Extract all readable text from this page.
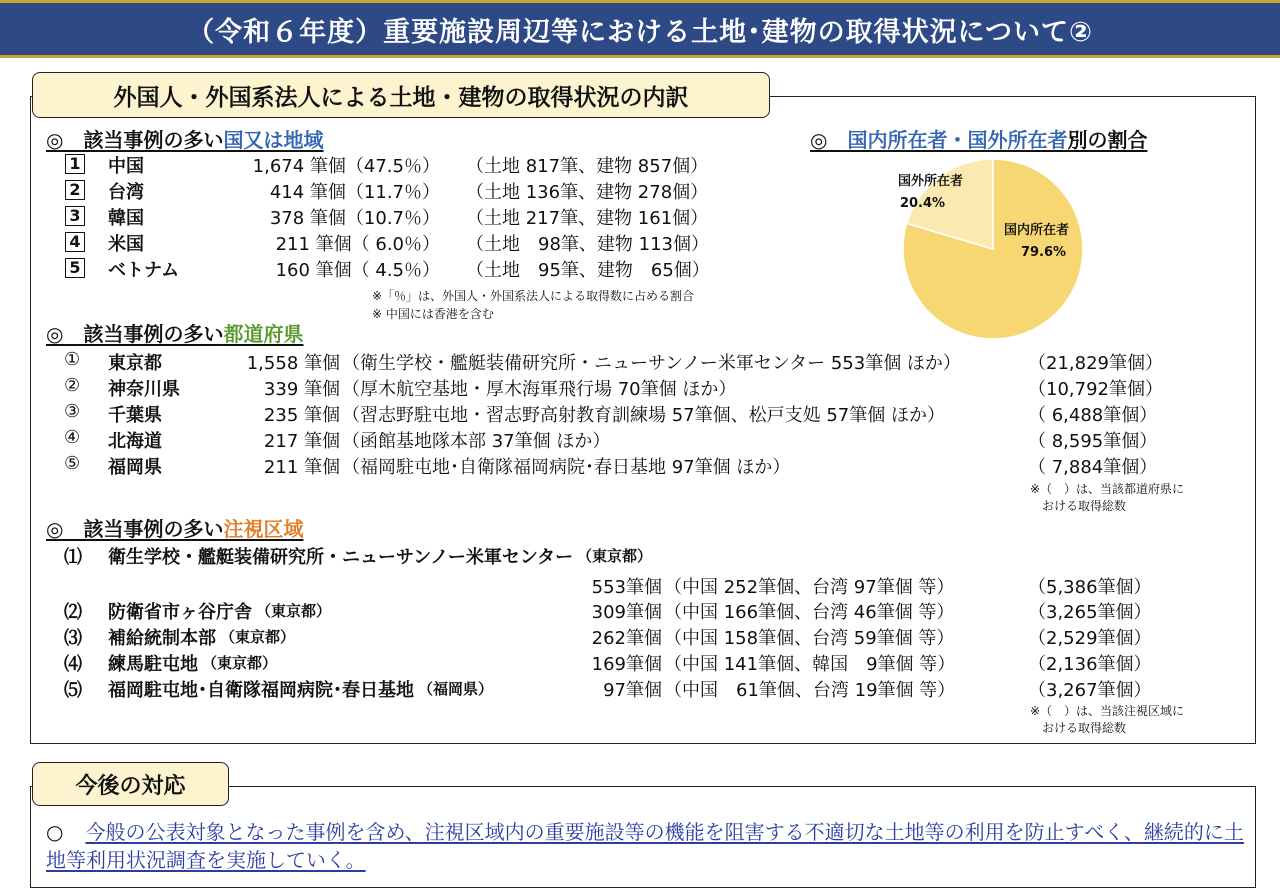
（令和６年度）重要施設周辺等における土地･建物の取得状況について②
外国人・外国系法人による土地・建物の取得状況の内訳
◎　該当事例の多い国又は地域
1 中国	1,674 筆個（47.5％） （土地 817筆、建物 857個）
2 台湾	414 筆個（11.7％） （土地 136筆、建物 278個）
3 韓国	378 筆個（10.7％） （土地 217筆、建物 161個）
4 米国	211 筆個（ 6.0％） （土地　98筆、建物 113個）
5 ベトナム	160 筆個（ 4.5％） （土地　95筆、建物　65個）
※「％」は、外国人・外国系法人による取得数に占める割合
※ 中国には香港を含む
◎　国内所在者・国外所在者別の割合
国内所在者
79.6%
国外所在者
20.4%
◎　該当事例の多い都道府県
① 東京都	1,558 筆個 （衛生学校・艦艇装備研究所・ニューサンノー米軍センター 553筆個 ほか）	（21,829筆個）
② 神奈川県	339 筆個 （厚木航空基地・厚木海軍飛行場 70筆個 ほか）	（10,792筆個）
③ 千葉県	235 筆個 （習志野駐屯地・習志野高射教育訓練場 57筆個、松戸支処 57筆個 ほか）	（ 6,488筆個）
④ 北海道	217 筆個 （函館基地隊本部 37筆個 ほか）	（ 8,595筆個）
⑤ 福岡県	211 筆個 （福岡駐屯地･自衛隊福岡病院･春日基地 97筆個 ほか）	（ 7,884筆個）
※（　）は、当該都道府県に
おける取得総数
◎　該当事例の多い注視区域
⑴ 衛生学校・艦艇装備研究所・ニューサンノー米軍センター （東京都）
553筆個 （中国 252筆個、台湾 97筆個 等）	（5,386筆個）
⑵ 防衛省市ヶ谷庁舎 （東京都）	309筆個 （中国 166筆個、台湾 46筆個 等）	（3,265筆個）
⑶ 補給統制本部 （東京都）	262筆個 （中国 158筆個、台湾 59筆個 等）	（2,529筆個）
⑷ 練馬駐屯地 （東京都）	169筆個 （中国 141筆個、韓国　9筆個 等）	（2,136筆個）
⑸ 福岡駐屯地･自衛隊福岡病院･春日基地 （福岡県）	97筆個 （中国　61筆個、台湾 19筆個 等）	（3,267筆個）
※（　）は、当該注視区域に
おける取得総数
今後の対応
○ 今般の公表対象となった事例を含め、注視区域内の重要施設等の機能を阻害する不適切な土地等の利用を防止すべく、継続的に土地等利用状況調査を実施していく。
